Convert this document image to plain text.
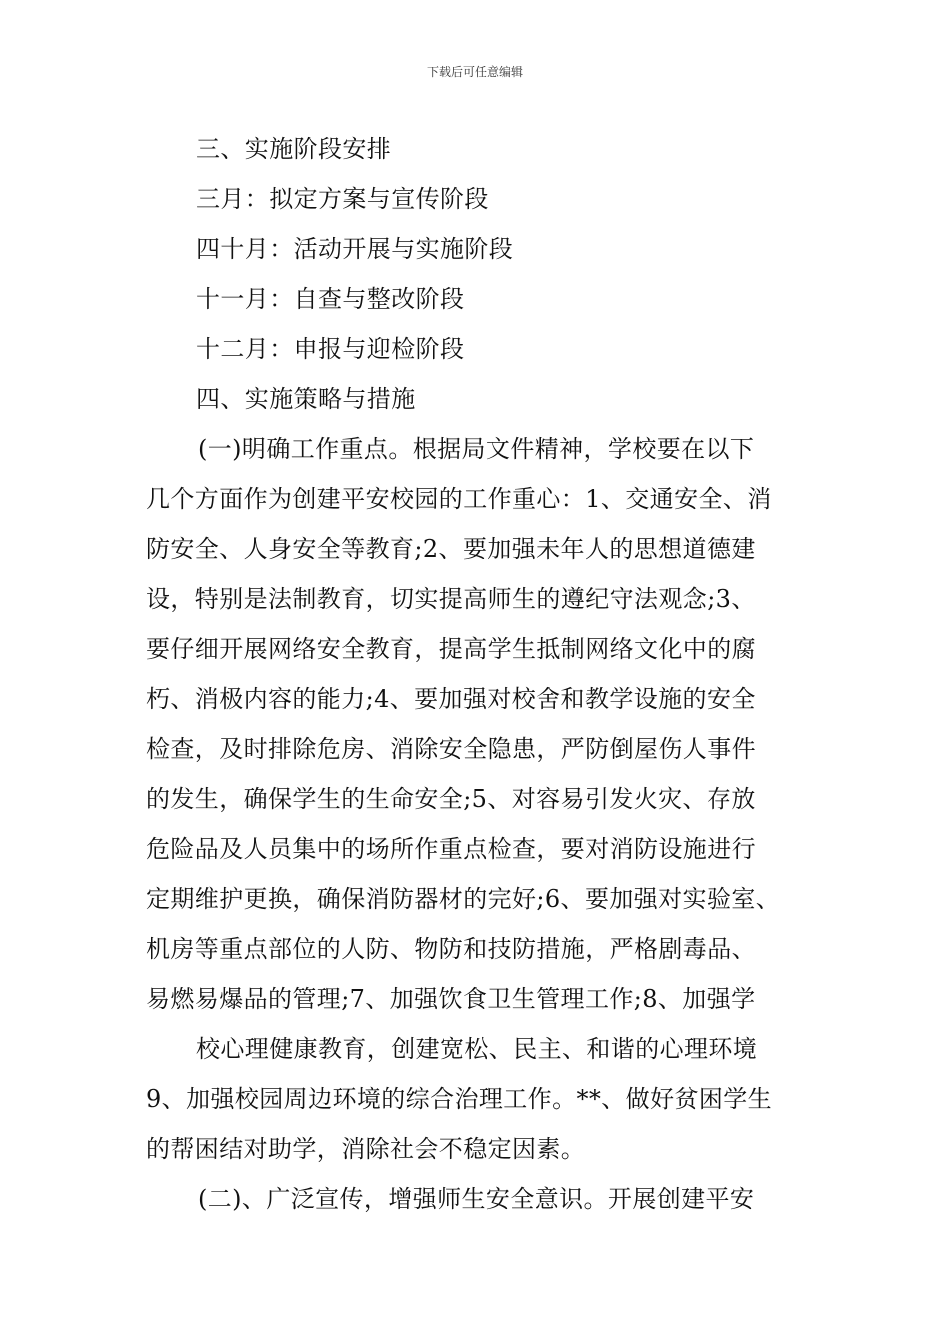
下载后可任意编辑
三、实施阶段安排
三月：拟定方案与宣传阶段
四十月：活动开展与实施阶段
十一月：自查与整改阶段
十二月：申报与迎检阶段
四、实施策略与措施
(一)明确工作重点。根据局文件精神，学校要在以下
几个方面作为创建平安校园的工作重心：1、交通安全、消
防安全、人身安全等教育;2、要加强未年人的思想道德建
设，特别是法制教育，切实提高师生的遵纪守法观念;3、
要仔细开展网络安全教育，提高学生抵制网络文化中的腐
朽、消极内容的能力;4、要加强对校舍和教学设施的安全
检查，及时排除危房、消除安全隐患，严防倒屋伤人事件
的发生，确保学生的生命安全;5、对容易引发火灾、存放
危险品及人员集中的场所作重点检查，要对消防设施进行
定期维护更换，确保消防器材的完好;6、要加强对实验室、
机房等重点部位的人防、物防和技防措施，严格剧毒品、
易燃易爆品的管理;7、加强饮食卫生管理工作;8、加强学
校心理健康教育，创建宽松、民主、和谐的心理环境
9、加强校园周边环境的综合治理工作。**、做好贫困学生
的帮困结对助学，消除社会不稳定因素。
(二)、广泛宣传，增强师生安全意识。开展创建平安
